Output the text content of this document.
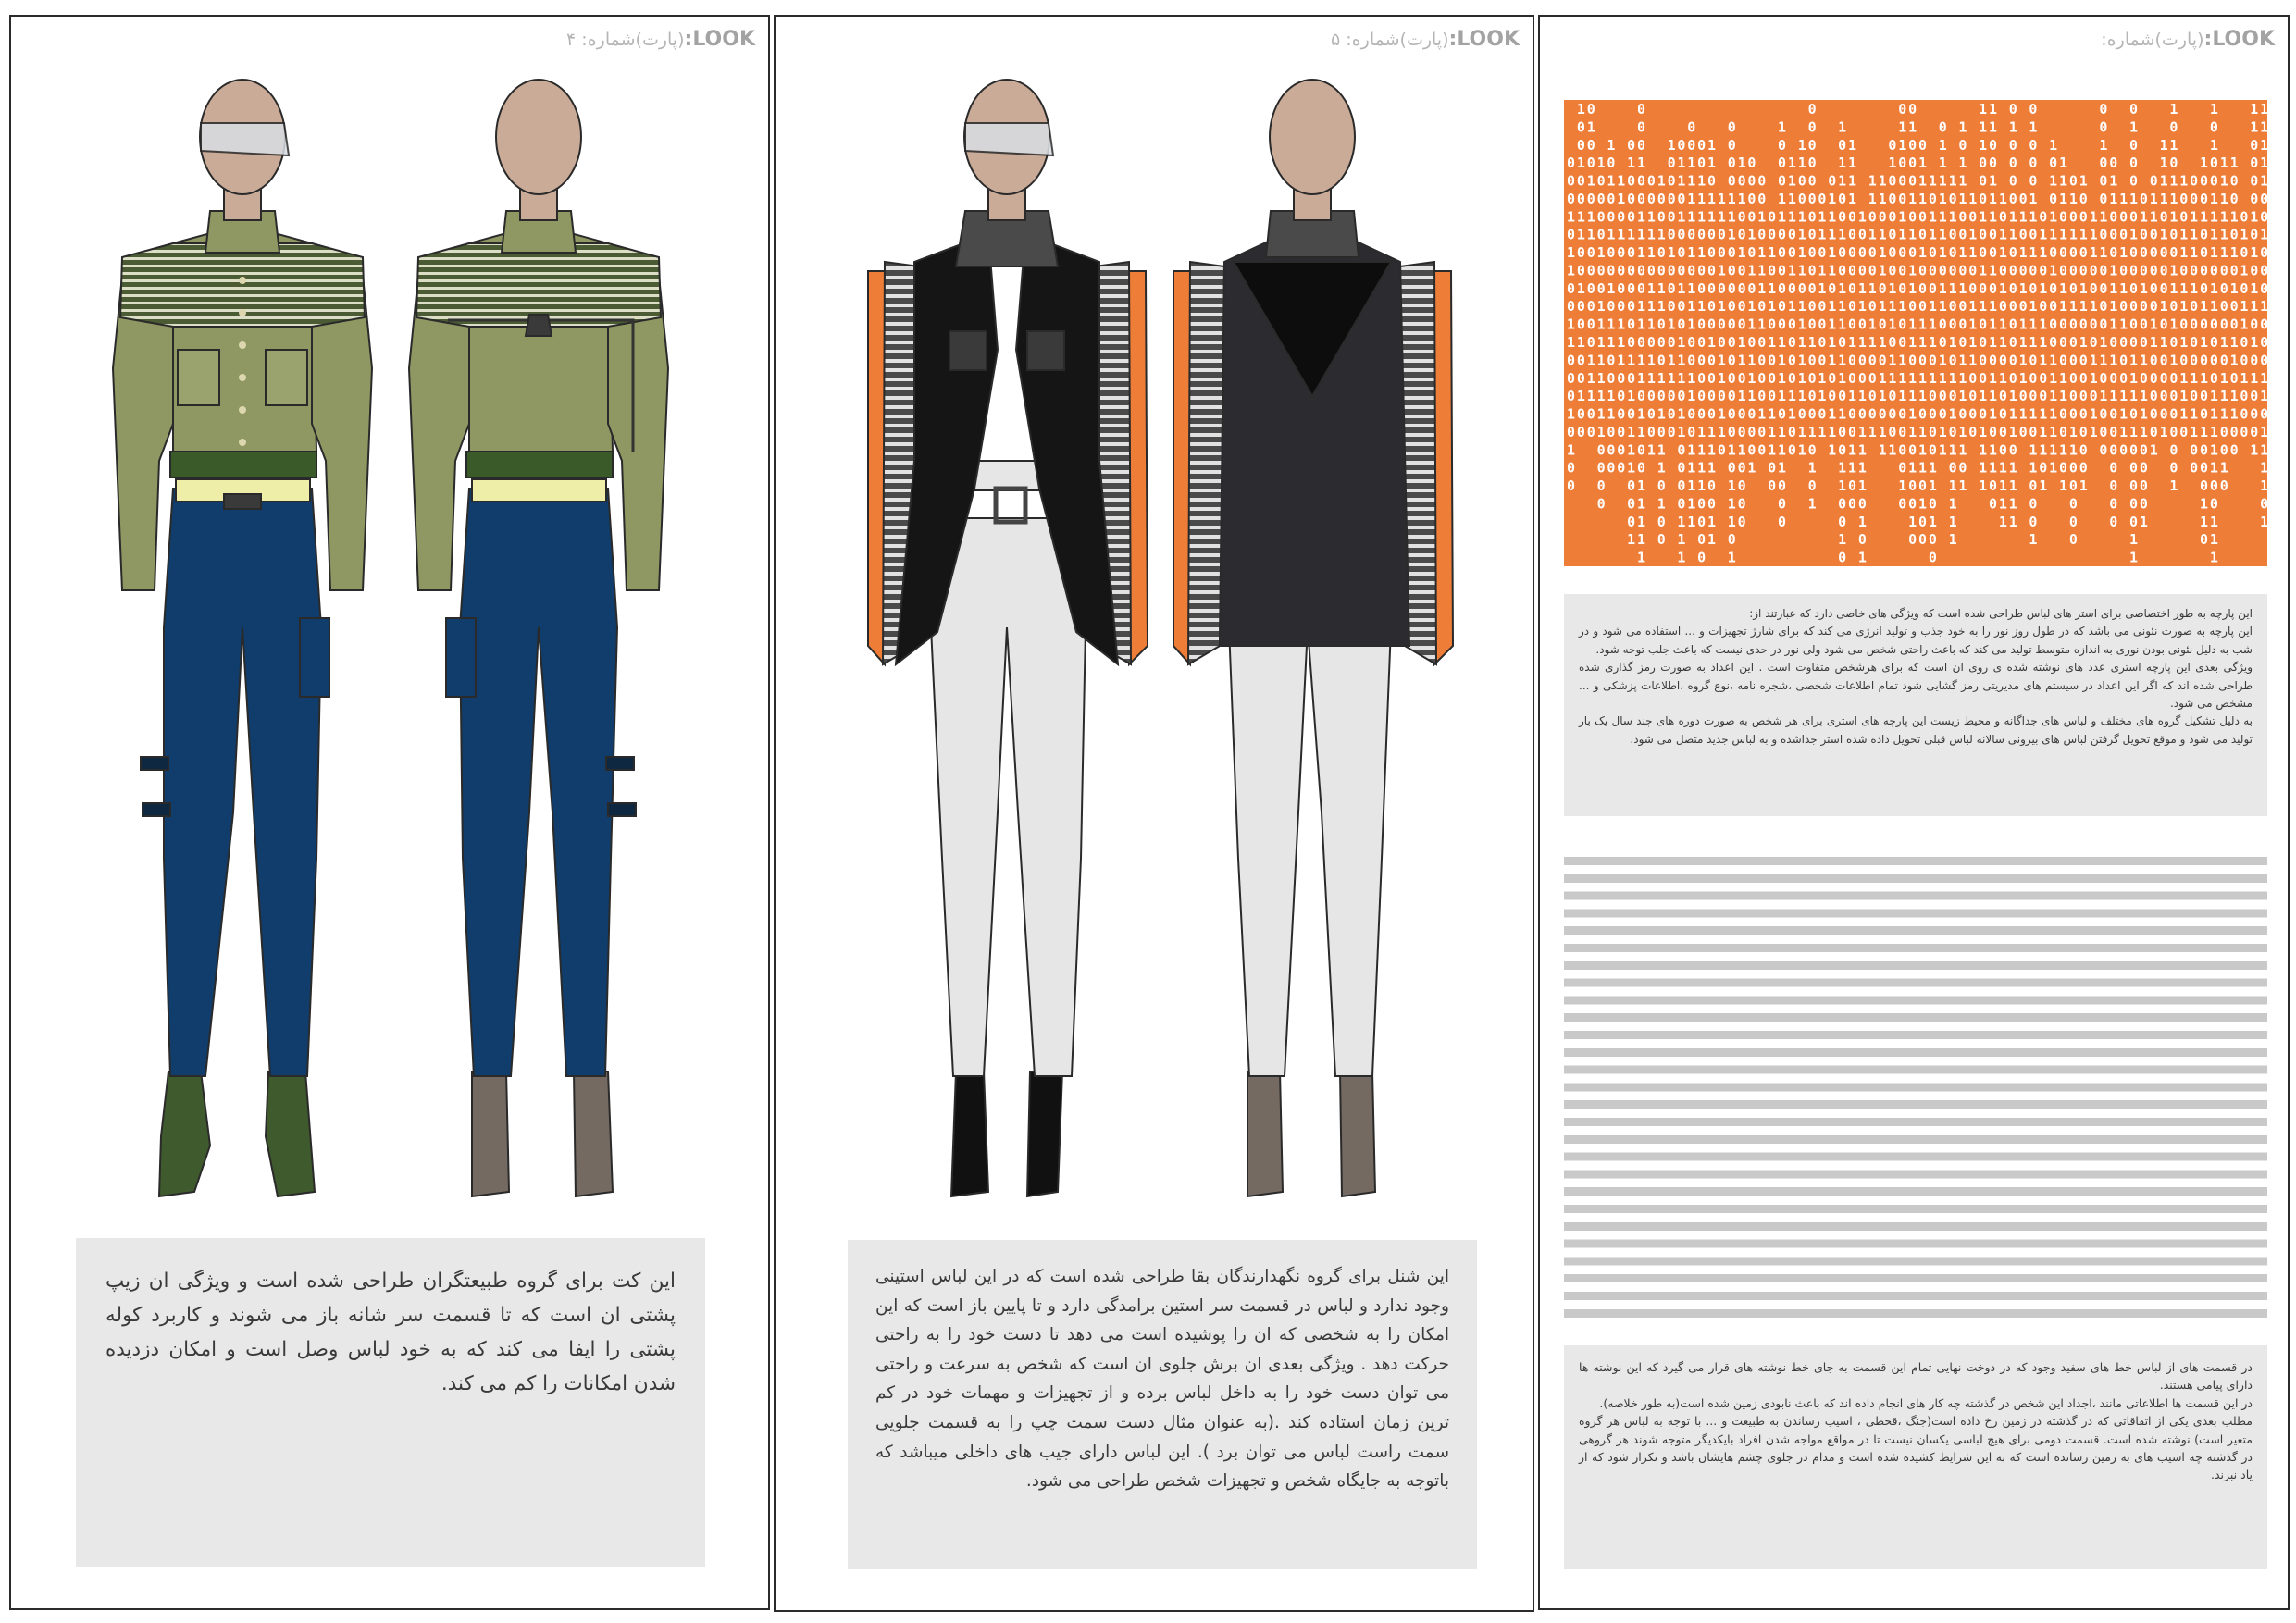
LOOK:(پارت)شماره: ۴
این کت برای گروه طبیعتگران طراحی شده است و ویژگی ان زیپ پشتی ان است که تا قسمت سر شانه باز می شوند و کاربرد کوله پشتی را ایفا می کند که به خود لباس وصل است و امکان دزدیده شدن امکانات را کم می کند.
LOOK:(پارت)شماره: ۵
این شنل برای گروه نگهدارندگان بقا طراحی شده است که در این لباس استینی وجود ندارد و لباس در قسمت سر استین برامدگی دارد و تا پایین باز است که این امکان را به شخصی که ان را پوشیده است می دهد تا دست خود را به راحتی حرکت دهد . ویژگی بعدی ان برش جلوی ان است که شخص به سرعت و راحتی می توان دست خود را به داخل لباس برده و از تجهیزات و مهمات خود در کم ترین زمان استاده کند .(به عنوان مثال دست سمت چپ را به قسمت جلویی سمت راست لباس می توان برد ). این لباس دارای جیب های داخلی میباشد که باتوجه به جایگاه شخص و تجهیزات شخص طراحی می شود.
LOOK:(پارت)شماره:
0
0
0
1
0
1
1
0
0
1
1
0
0
0
1
0
1
0
0
1
0
0
1
0
0
1
1
0
0
1
0
0
1
0
0
1
0
0
0
1
0
0
1
0
1
1
0
0
0
0
0
0
1
1
1
0
0
1
0
0
0
0
1
0
0
1
1
1
1
1
1
1
1
0
0
0
0
1
0
1
0
0
1
0
0
1
0
1
1
0
0
1
1
0
0
0
1
1
0
1
0
0
0
0
1
1
1
0
0
0
0
0
0
0
1
0
0
0
1
0
0
0
0
0
0
1
0
1
0
1
1
1
0
0
0
1
0
0
0
1
0
0
1
1
1
0
0
1
1
0
1
1
0
1
1
0
0
1
1
1
1
1
0
0
1
1
1
0
1
1
1
0
1
1
0
0
0
1
1
0
0
1
0
0
1
1
0
0
0
1
0
1
0
1
1
0
1
0
0
1
0
0
0
0
0
1
0
0
0
1
0
1
1
0
0
0
0
1
1
0
1
0
0
0
1
0
0
1
1
1
0
1
1
0
0
0
0
1
1
1
0
0
1
1
1
1
0
1
0
1
1
1
0
0
1
1
0
0
1
1
1
1
1
0
0
1
1
1
0
1
0
0
1
0
0
0
0
0
0
1
1
1
1
0
0
0
0
1
1
0
1
1
0
0
0
0
0
0
1
0
0
0
0
1
1
1
0
0
1
1
1
1
0
0
1
0
1
0
0
1
1
0
1
1
0
0
0
0
0
1
1
1
0
0
0
0
0
0
0
0
0
0
0
1
0
1
1
1
0
1
1
0
1
0
0
1
0
0
0
0
1
1
0
1
0
0
1
0
0
0
0
0
0
0
0
1
0
1
0
1
1
0
1
1
1
0
0
0
1
0
0
1
0
1
1
1
0
1
0
0
0
0
1
0
0
0
0
1
0
1
1
0
1
0
0
0
1
1
1
0
0
1
0
0
0
1
1
0
0
0
0
0
0
1
1
1
1
0
1
1
1
0
0
0
1
1
1
1
0
0
1
0
1
0
0
0
0
1
1
0
0
1
1
0
0
1
1
1
1
0
1
1
1
1
1
1
0
1
1
0
0
0
0
0
0
0
0
0
0
0
0
0
1
0
0
0
0
1
0
1
0
1
0
1
1
0
1
1
0
0
0
0
1
1
0
1
0
1
1
1
1
1
0
1
1
1
1
0
0
1
1
1
1
0
1
1
0
0
1
0
0
1
1
1
0
1
1
0
1
0
0
1
1
0
0
1
0
1
1
1
1
0
0
0
0
0
0
0
1
0
0
1
0
0
1
1
0
0
1
0
0
0
1
1
0
1
0
0
1
0
1
1
1
1
0
1
0
1
1
1
0
1
0
0
1
0
1
1
0
0
0
0
1
1
1
0
1
1
1
0
1
0
1
0
1
1
0
1
1
0
1
0
0
0
0
0
0
1
1
1
0
1
1
0
0
0
1
0
1
1
0
0
0
1
1
0
0
0
1
0
0
1
1
1
0
0
0
0
1
0
0
1
0
0
0
1
0
1
0
1
1
0
1
1
0
1
1
1
1
0
1
0
0
1
0
0
1
1
1
0
0
1
0
0
0
1
1
0
1
1
0
1
1
1
0
1
0
0
1
0
1
1
0
0
0
1
1
1
0
1
0
0
0
0
1
1
0
1
0
0
0
1
1
1
1
1
1
1
0
1
1
0
0
1
1
0
0
1
1
1
0
1
0
0
0
1
0
0
1
0
1
0
1
0
1
0
1
1
1
1
1
0
1
1
1
0
0
1
0
1
0
0
0
1
1
1
0
1
1
0
1
1
0
1
1
0
0
1
1
1
1
0
0
0
0
1
1
1
0
0
0
1
0
0
1
0
1
0
0
0
0
1
0
1
1
1
1
1
1
0
0
1
1
1
0
0
1
0
1
1
1
0
1
1
1
0
1
1
0
0
1
0
1
1
0
1
0
1
1
0
1
0
0
0
0
1
1
1
1
0
1
0
0
0
0
1
1
0
0
0
0
0
0
0
0
1
1
1
0
1
1
1
1
0
1
0
1
0
1
0
1
1
1
1
0
1
0
0
1
0
0
0
1
1
0
1
0
0
1
1
1
0
0
0
1
0
1
1
0
0
0
1
0
1
1
0
1
0
1
1
1
0
0
1
1
1
0
1
1
0
1
0
1
1
0
1
0
0
0
0
1
1
1
1
1
1
1
1
1
1
0
1
0
0
1
1
0
0
0
1
1
0
0
1
0
1
0
1
0
1
0
0
0
1
0
0
0
0
0
0
1
1
0
0
0
0
0
1
0
0
1
0
0
1
1
0
1
0
0
0
0
0
0
0
1
1
1
1
0
0
1
0
0
1
1
0
1
1
0
0
1
0
0
0
1
0
1
0
0
0
0
1
1
0
1
0
0
0
0
1
1
0
0
0
1
1
1
1
0
1
0
1
0
0
0
0
0
0
0
1
0
0
1
0
1
0
1
0
0
0
1
1
1
0
0
1
0
0
0
1
0
1
0
0
0
0
0
0
1
1
1
0
1
0
0
0
0
0
1
1
0
1
0
0
0
1
0
0
0
1
0
1
1
1
0
0
0
0
1
0
1
1
0
0
0
0
0
1
1
0
0
0
0
0
1
1
1
1
1
0
1
0
0
0
1
0
1
0
0
0
0
1
1
0
1
0
1
1
1
0
0
1
1
0
1
0
1
0
0
0
0
0
0
1
1
0
0
1
1
0
1
1
0
1
0
1
1
1
0
0
0
1
1
1
0
1
0
0
0
0
1
0
1
1
0
0
1
0
0
1
0
0
0
0
1
0
1
0
1
0
0
1
0
0
0
1
1
0
1
0
1
0
0
1
1
1
1
0
1
1
0
0
0
0
1
1
1
1
1
0
0
1
1
1
1
1
1
1
1
1
0
0
0
0
1
0
1
1
1
0
0
1
0
1
0
0
1
0
1
0
1
0
0
1
1
0
1
1
0
0
0
1
0
1
0
1
1
0
0
1
0
0
0
1
1
0
0
0
0
1
0
1
0
1
1
0
1
0
1
0
0
0
1
1
1
1
1
1
0
0
1
0
0
0
1
0
0
0
1
1
0
1
1
1
1
0
1
این پارچه به طور اختصاصی برای استر های لباس طراحی شده است که ویژگی های خاصی دارد که عبارتند از:
این پارچه به صورت نئونی می باشد که در طول روز نور را به خود جذب و تولید انرژی می کند که برای شارژ تجهیزات و ... استفاده می شود و در شب به دلیل نئونی بودن نوری به اندازه متوسط تولید می کند که باعث راحتی شخص می شود ولی نور در حدی نیست که باعث جلب توجه شود.
ویژگی بعدی این پارچه استری عدد های نوشته شده ی روی ان است که برای هرشخص متفاوت است . این اعداد به صورت رمز گذاری شده طراحی شده اند که اگر این اعداد در سیستم های مدیریتی رمز گشایی شود تمام اطلاعات شخصی ،شجره نامه ،نوع گروه ،اطلاعات پزشکی و ... مشخص می شود.
به دلیل تشکیل گروه های مختلف و لباس های جداگانه و محیط زیست این پارچه های استری برای هر شخص به صورت دوره های چند سال یک بار تولید می شود و موقع تحویل گرفتن لباس های بیرونی سالانه لباس قبلی تحویل داده شده استر جداشده و به لباس جدید متصل می شود.
در قسمت های از لباس خط های سفید وجود که در دوخت نهایی تمام این قسمت به جای خط نوشته های قرار می گیرد که این نوشته ها دارای پیامی هستند.
در این قسمت ها اطلاعاتی مانند ،اجداد این شخص در گذشته چه کار های انجام داده اند که باعث نابودی زمین شده است(به طور خلاصه).
مطلب بعدی یکی از اتفاقاتی که در گذشته در زمین رخ داده است(جنگ ،قحطی ، اسیب رساندن به طبیعت و ... با توجه به لباس هر گروه متغیر است) نوشته شده است. قسمت دومی برای هیچ لباسی یکسان نیست تا در مواقع مواجه شدن افراد بایکدیگر متوجه شوند هر گروهی در گذشته چه اسیب های به زمین رسانده است که به این شرایط کشیده شده است و مدام در جلوی چشم هایشان باشد و تکرار شود که از یاد نبرند.
